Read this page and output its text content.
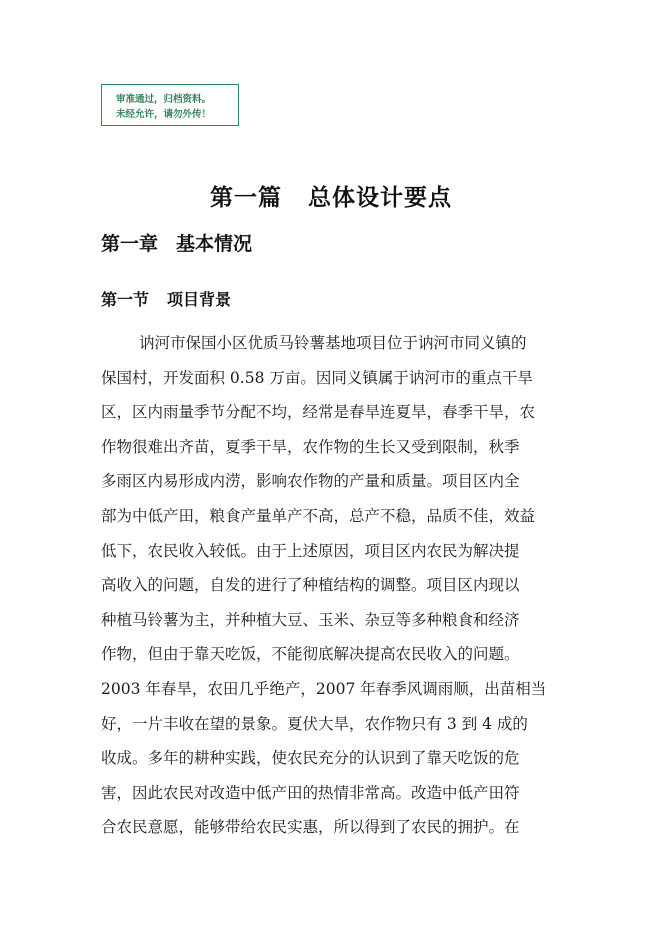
审准通过，归档资料。
未经允许，请勿外传！
第一篇 总体设计要点
第一章 基本情况
第一节 项目背景
讷河市保国小区优质马铃薯基地项目位于讷河市同义镇的
保国村，开发面积 0.58 万亩。因同义镇属于讷河市的重点干旱
区，区内雨量季节分配不均，经常是春旱连夏旱，春季干旱，农
作物很难出齐苗，夏季干旱，农作物的生长又受到限制，秋季
多雨区内易形成内涝，影响农作物的产量和质量。项目区内全
部为中低产田，粮食产量单产不高，总产不稳，品质不佳，效益
低下，农民收入较低。由于上述原因，项目区内农民为解决提
高收入的问题，自发的进行了种植结构的调整。项目区内现以
种植马铃薯为主，并种植大豆、玉米、杂豆等多种粮食和经济
作物，但由于靠天吃饭，不能彻底解决提高农民收入的问题。
2003 年春旱，农田几乎绝产，2007 年春季风调雨顺，出苗相当
好，一片丰收在望的景象。夏伏大旱，农作物只有 3 到 4 成的
收成。多年的耕种实践，使农民充分的认识到了靠天吃饭的危
害，因此农民对改造中低产田的热情非常高。改造中低产田符
合农民意愿，能够带给农民实惠，所以得到了农民的拥护。在
